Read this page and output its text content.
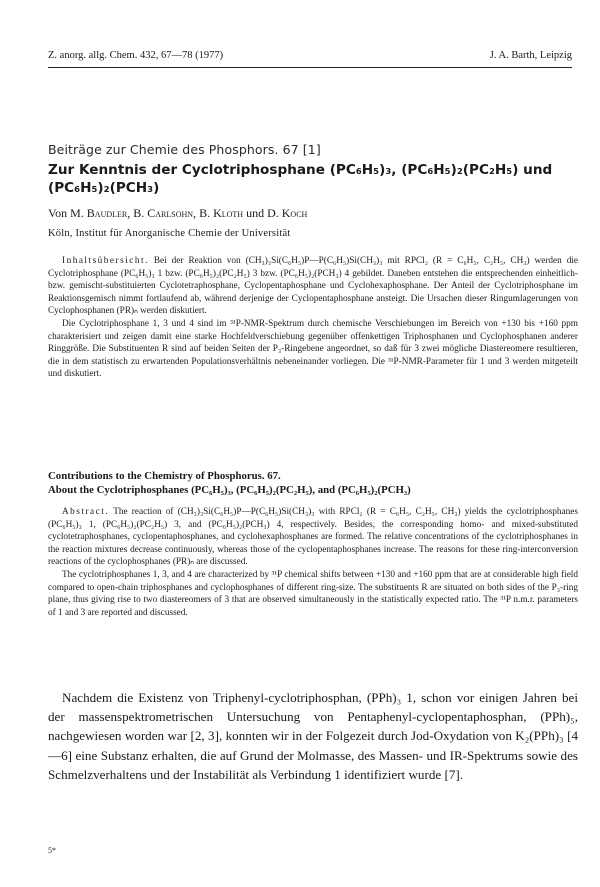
Z. anorg. allg. Chem. 432, 67—78 (1977)	J. A. Barth, Leipzig
Beiträge zur Chemie des Phosphors. 67 [1]
Zur Kenntnis der Cyclotriphosphane (PC₆H₅)₃, (PC₆H₅)₂(PC₂H₅) und (PC₆H₅)₂(PCH₃)
Von M. Baudler, B. Carlsohn, B. Kloth und D. Koch
Köln, Institut für Anorganische Chemie der Universität

Inhaltsübersicht. Bei der Reaktion von (CH₃)₃Si(C₆H₅)P—P(C₆H₅)Si(CH₃)₃ mit RPCl₂ (R = C₆H₅, C₂H₅, CH₃) werden die Cyclotriphosphane (PC₆H₅)₃ 1 bzw. (PC₆H₅)₂(PC₂H₅) 3 bzw. (PC₆H₅)₂(PCH₃) 4 gebildet. Daneben entstehen die entsprechenden einheitlich- bzw. gemischt-substituierten Cyclotetraphosphane, Cyclopentaphosphane und Cyclohexaphosphane. Der Anteil der Cyclotriphosphane im Reaktionsgemisch nimmt fortlaufend ab, während derjenige der Cyclopentaphosphane ansteigt. Die Ursachen dieser Ringumlagerungen von Cyclophosphanen (PR)ₙ werden diskutiert.

Die Cyclotriphosphane 1, 3 und 4 sind im ³¹P-NMR-Spektrum durch chemische Verschiebungen im Bereich von +130 bis +160 ppm charakterisiert und zeigen damit eine starke Hochfeldverschiebung gegenüber offenkettigen Triphosphanen und Cyclophosphanen anderer Ringgröße. Die Substituenten R sind auf beiden Seiten der P₃-Ringebene angeordnet, so daß für 3 zwei mögliche Diastereomere resultieren, die in dem statistisch zu erwartenden Populationsverhältnis nebeneinander vorliegen. Die ³¹P-NMR-Parameter für 1 und 3 werden mitgeteilt und diskutiert.

Contributions to the Chemistry of Phosphorus. 67.
About the Cyclotriphosphanes (PC₆H₅)₃, (PC₆H₅)₂(PC₂H₅), and (PC₆H₅)₂(PCH₃)

Abstract. The reaction of (CH₃)₃Si(C₆H₅)P—P(C₆H₅)Si(CH₃)₃ with RPCl₂ (R = C₆H₅, C₂H₅, CH₃) yields the cyclotriphosphanes (PC₆H₅)₃ 1, (PC₆H₅)₂(PC₂H₅) 3, and (PC₆H₅)₂(PCH₃) 4, respectively. Besides, the corresponding homo- and mixed-substituted cyclotetraphosphanes, cyclopentaphosphanes, and cyclohexaphosphanes are formed. The relative concentrations of the cyclotriphosphanes in the reaction mixtures decrease continuously, whereas those of the cyclopentaphosphanes increase. The reasons for these ring-interconversion reactions of the cyclophosphanes (PR)ₙ are discussed.

The cyclotriphosphanes 1, 3, and 4 are characterized by ³¹P chemical shifts between +130 and +160 ppm that are at considerable high field compared to open-chain triphosphanes and cyclophosphanes of different ring-size. The substituents R are situated on both sides of the P₃-ring plane, thus giving rise to two diastereomers of 3 that are observed simultaneously in the statistically expected ratio. The ³¹P n.m.r. parameters of 1 and 3 are reported and discussed.

Nachdem die Existenz von Triphenyl-cyclotriphosphan, (PPh)₃ 1, schon vor einigen Jahren bei der massenspektrometrischen Untersuchung von Pentaphenyl-cyclopentaphosphan, (PPh)₅, nachgewiesen worden war [2, 3], konnten wir in der Folgezeit durch Jod-Oxydation von K₂(PPh)₃ [4—6] eine Substanz erhalten, die auf Grund der Molmasse, des Massen- und IR-Spektrums sowie des Schmelzverhaltens und der Instabilität als Verbindung 1 identifiziert wurde [7].

5*
